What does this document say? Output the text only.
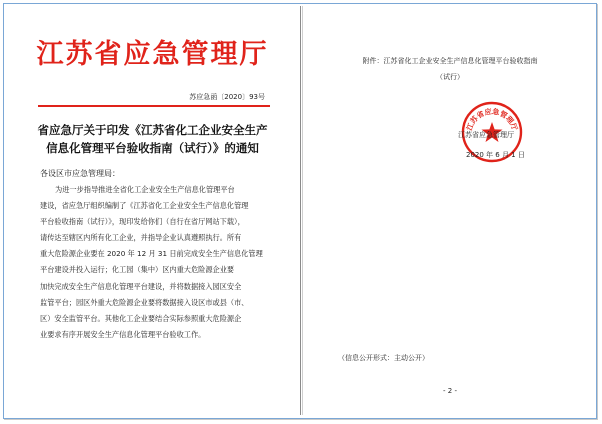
江苏省应急管理厅
苏应急函〔2020〕93号
省应急厅关于印发《江苏省化工企业安全生产
信息化管理平台验收指南（试行）》的通知
各设区市应急管理局：
为进一步指导推进全省化工企业安全生产信息化管理平台
建设，省应急厅组织编制了《江苏省化工企业安全生产信息化管理
平台验收指南（试行）》，现印发给你们（自行在省厅网站下载），
请传达至辖区内所有化工企业，并指导企业认真遵照执行。所有
重大危险源企业要在 2020 年 12 月 31 日前完成安全生产信息化管理
平台建设并投入运行；化工园（集中）区内重大危险源企业要
加快完成安全生产信息化管理平台建设，并将数据接入园区安全
监管平台；园区外重大危险源企业要将数据接入设区市或县（市、
区）安全监管平台。其他化工企业要结合实际参照重大危险源企
业要求有序开展安全生产信息化管理平台验收工作。
附件：江苏省化工企业安全生产信息化管理平台验收指南
（试行）
江苏省应急管理厅
江苏省应急管理厅
2020 年 6 月 1 日
（信息公开形式：主动公开）
- 2 -
